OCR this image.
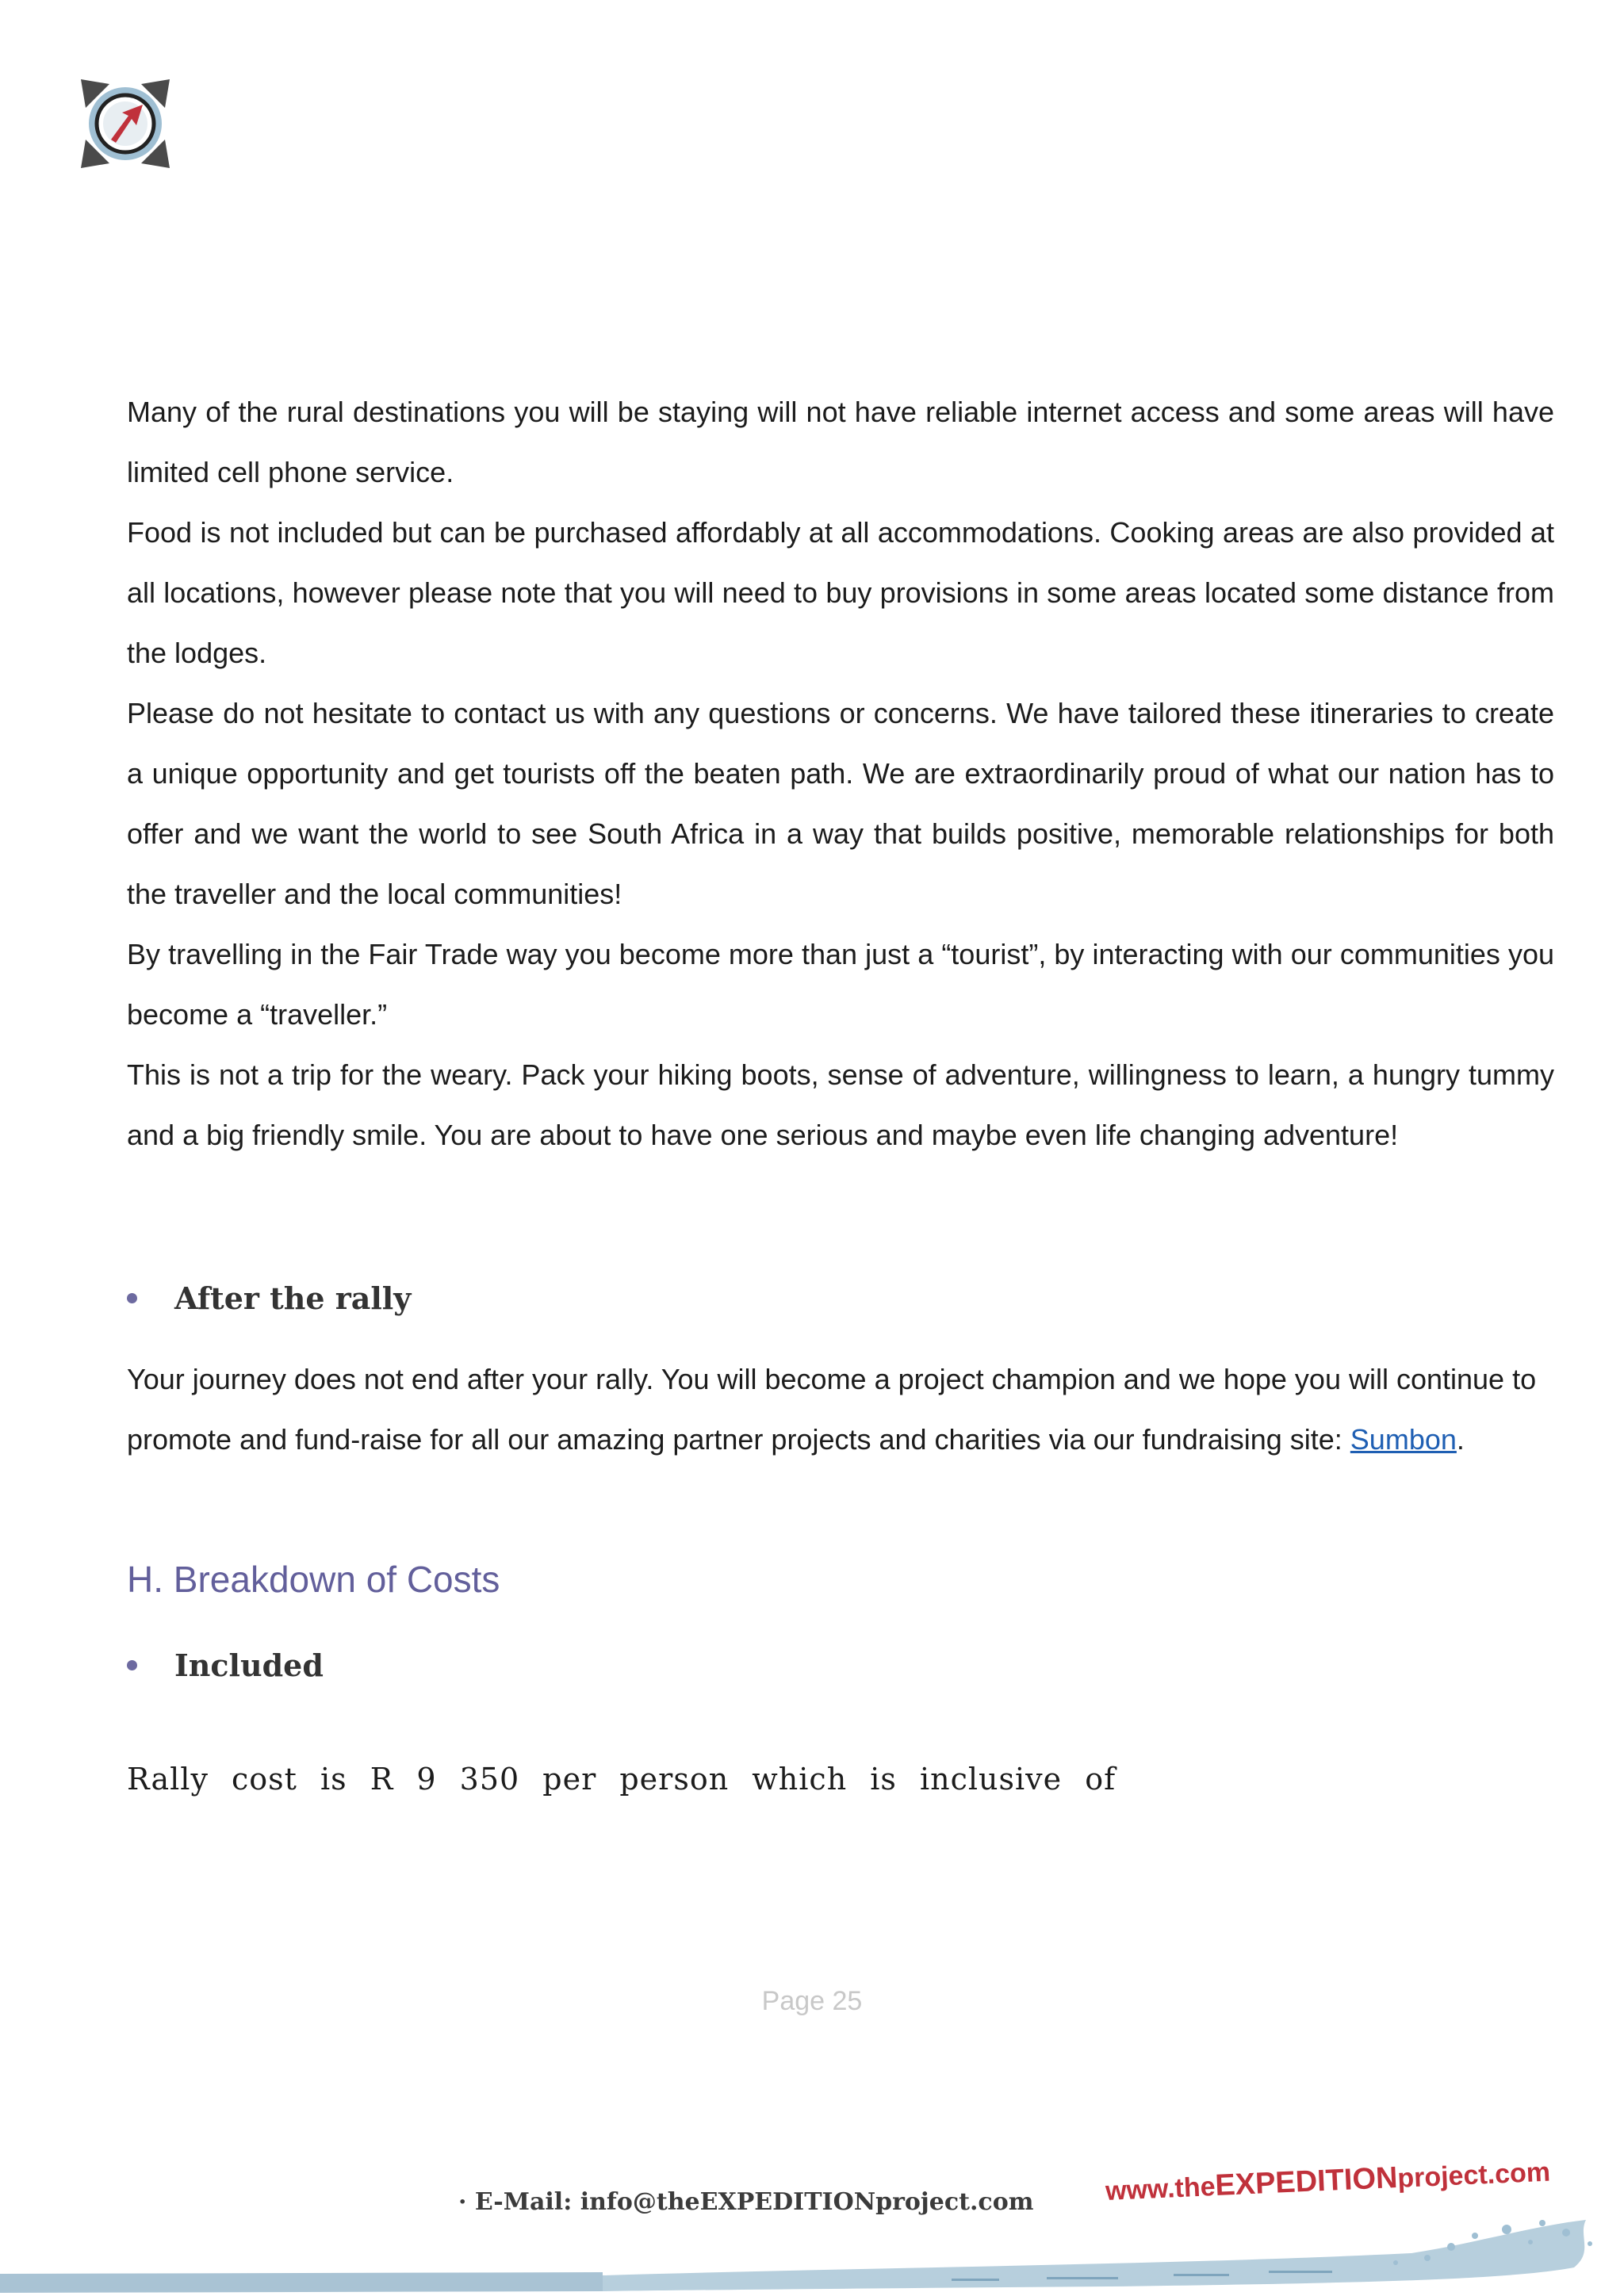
Many of the rural destinations you will be staying will not have reliable internet access and some areas will have limited cell phone service.

Food is not included but can be purchased affordably at all accommodations. Cooking areas are also provided at all locations, however please note that you will need to buy provisions in some areas located some distance from the lodges.

Please do not hesitate to contact us with any questions or concerns. We have tailored these itineraries to create a unique opportunity and get tourists off the beaten path. We are extraordinarily proud of what our nation has to offer and we want the world to see South Africa in a way that builds positive, memorable relationships for both the traveller and the local communities!

By travelling in the Fair Trade way you become more than just a “tourist”, by interacting with our communities you become a “traveller.”

This is not a trip for the weary. Pack your hiking boots, sense of adventure, willingness to learn, a hungry tummy and a big friendly smile. You are about to have one serious and maybe even life changing adventure!

After the rally

Your journey does not end after your rally. You will become a project champion and we hope you will continue to promote and fund-raise for all our amazing partner projects and charities via our fundraising site: Sumbon.

H. Breakdown of Costs
Included
Rally cost is R 9 350 per person which is inclusive of
Page 25
· E-Mail: info@theEXPEDITIONproject.com	www.theEXPEDITIONproject.com
